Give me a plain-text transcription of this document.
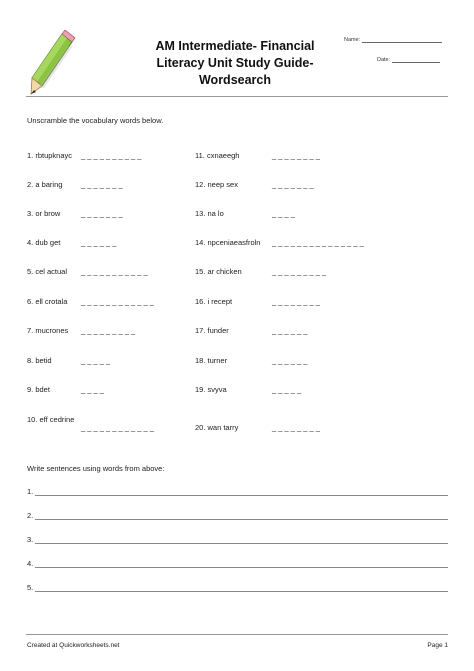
AM Intermediate- Financial
Literacy Unit Study Guide-
Wordsearch
Name:
Date:
Unscramble the vocabulary words below.
1. rbtupknayc _ _ _ _ _ _ _ _ _ _
2. a baring _ _ _ _ _ _ _
3. or brow	_ _ _ _ _ _ _
4. dub get	_ _ _ _ _ _
5. cel actual _ _ _ _ _ _ _ _ _ _ _
6. ell crotala _ _ _ _ _ _ _ _ _ _ _ _
7. mucrones _ _ _ _ _ _ _ _ _
8. betid	_ _ _ _ _
9. bdet	_ _ _ _
10. eff cedrine
_ _ _ _ _ _ _ _ _ _ _ _
11. cxnaeegh	_ _ _ _ _ _ _ _
12. neep sex	_ _ _ _ _ _ _
13. na lo	_ _ _ _
14. npceniaeasfroln _ _ _ _ _ _ _ _ _ _ _ _ _ _ _
15. ar chicken	_ _ _ _ _ _ _ _ _
16. i recept	_ _ _ _ _ _ _ _
17. funder	_ _ _ _ _ _
18. turner	_ _ _ _ _ _
19. svyva	_ _ _ _ _
20. wan tarry	_ _ _ _ _ _ _ _
Write sentences using words from above:
1.
2.
3.
4.
5.
Created at Quickworksheets.net	Page 1
